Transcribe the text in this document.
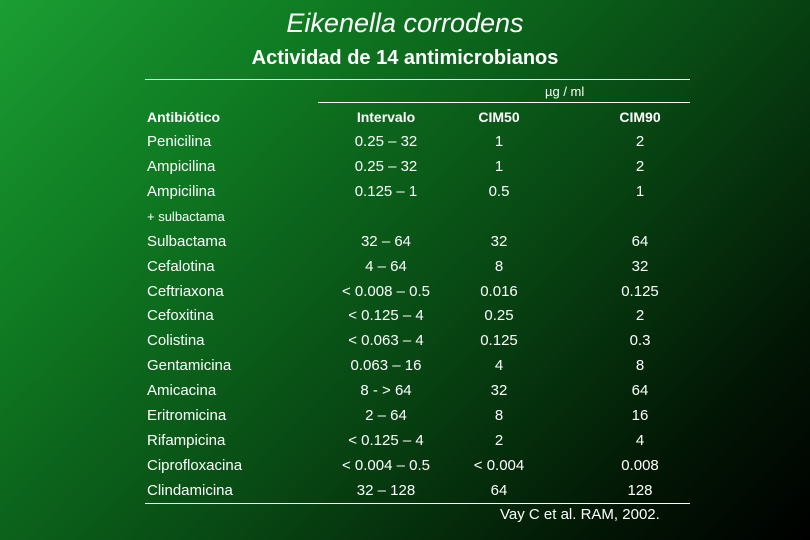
Eikenella corrodens
Actividad de 14 antimicrobianos
µg / ml
Antibiótico	Intervalo	CIM50	CIM90
Penicilina	0.25 – 32	1	2
Ampicilina	0.25 – 32	1	2
Ampicilina	0.125 – 1	0.5	1
+ sulbactama
Sulbactama	32 – 64	32	64
Cefalotina	4 – 64	8	32
Ceftriaxona	< 0.008 – 0.5	0.016	0.125
Cefoxitina	< 0.125 – 4	0.25	2
Colistina	< 0.063 – 4	0.125	0.3
Gentamicina	0.063 – 16	4	8
Amicacina	8 - > 64	32	64
Eritromicina	2 – 64	8	16
Rifampicina	< 0.125 – 4	2	4
Ciprofloxacina	< 0.004 – 0.5	< 0.004	0.008
Clindamicina	32 – 128	64	128
Vay C et al. RAM, 2002.
